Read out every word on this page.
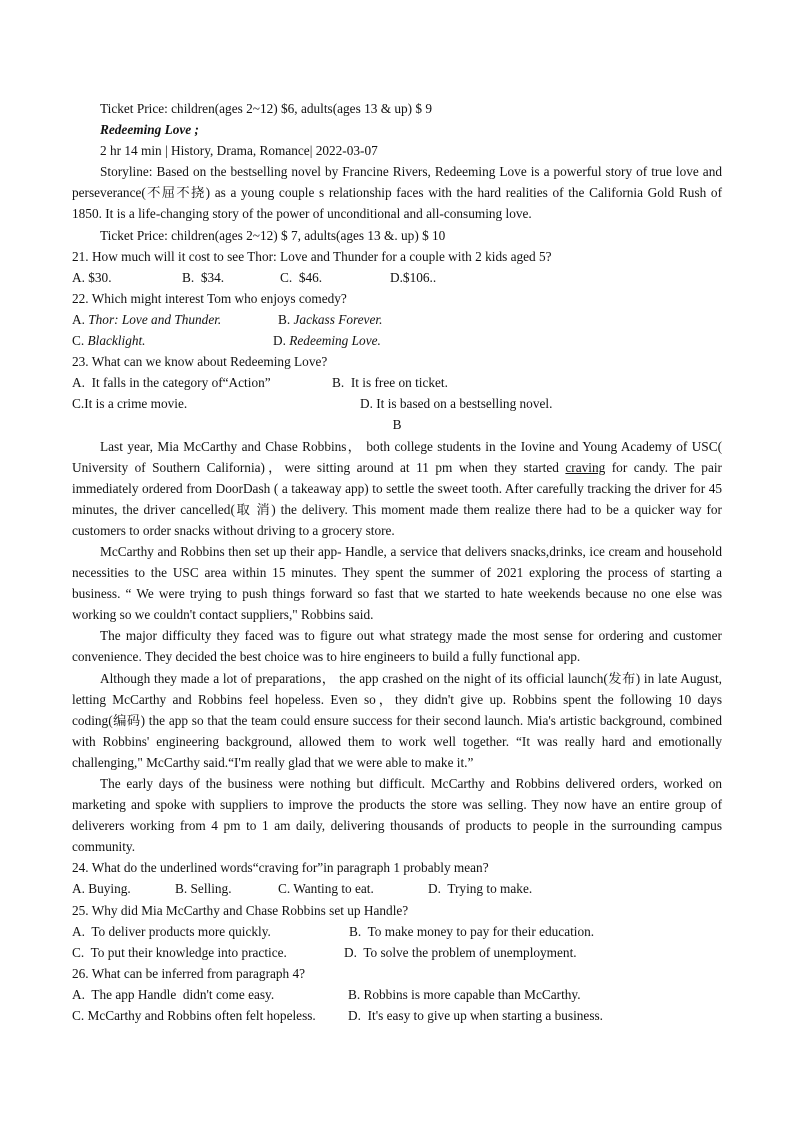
Ticket Price: children(ages 2~12) $6, adults(ages 13 & up) $ 9

Redeeming Love ;

2 hr 14 min | History, Drama, Romance| 2022-03-07

Storyline: Based on the bestselling novel by Francine Rivers, Redeeming Love is a powerful story of true love and perseverance(不屈不挠) as a young couple s relationship faces with the hard realities of the California Gold Rush of 1850. It is a life-changing story of the power of unconditional and all-consuming love.

Ticket Price: children(ages 2~12) $ 7, adults(ages 13 &. up) $ 10

21. How much will it cost to see Thor: Love and Thunder for a couple with 2 kids aged 5?

A. $30.	B.  $34.	C.  $46.	D.$106..

22. Which might interest Tom who enjoys comedy?

A. Thor: Love and Thunder.	B. Jackass Forever.
C. Blacklight.	D. Redeeming Love.

23. What can we know about Redeeming Love?

A.  It falls in the category of“Action”	B.  It is free on ticket.
C.It is a crime movie.	D. It is based on a bestselling novel.

B

Last year, Mia McCarthy and Chase Robbins， both college students in the Iovine and Young Academy of USC( University of Southern California)，were sitting around at 11 pm when they started craving for candy. The pair immediately ordered from DoorDash ( a takeaway app) to settle the sweet tooth. After carefully tracking the driver for 45 minutes, the driver cancelled(取 消) the delivery. This moment made them realize there had to be a quicker way for customers to order snacks without driving to a grocery store.

McCarthy and Robbins then set up their app- Handle, a service that delivers snacks,drinks, ice cream and household necessities to the USC area within 15 minutes. They spent the summer of 2021 exploring the process of starting a business. “ We were trying to push things forward so fast that we started to hate weekends because no one else was working so we couldn't contact suppliers," Robbins said.

The major difficulty they faced was to figure out what strategy made the most sense for ordering and customer convenience. They decided the best choice was to hire engineers to build a fully functional app.

Although they made a lot of preparations， the app crashed on the night of its official launch(发布) in late August, letting McCarthy and Robbins feel hopeless. Even so，they didn't give up. Robbins spent the following 10 days coding(编码) the app so that the team could ensure success for their second launch. Mia's artistic background, combined with Robbins' engineering background, allowed them to work well together. “It was really hard and emotionally challenging," McCarthy said.“I'm really glad that we were able to make it.”

The early days of the business were nothing but difficult. McCarthy and Robbins delivered orders, worked on marketing and spoke with suppliers to improve the products the store was selling. They now have an entire group of deliverers working from 4 pm to 1 am daily, delivering thousands of products to people in the surrounding campus community.

24. What do the underlined words“craving for”in paragraph 1 probably mean?

A. Buying.	B. Selling.	C. Wanting to eat.	D.  Trying to make.

25. Why did Mia McCarthy and Chase Robbins set up Handle?

A.  To deliver products more quickly.	B.  To make money to pay for their education.
C.  To put their knowledge into practice.	D.  To solve the problem of unemployment.

26. What can be inferred from paragraph 4?

A.  The app Handle  didn't come easy.	B. Robbins is more capable than McCarthy.
C. McCarthy and Robbins often felt hopeless.	D.  It's easy to give up when starting a business.
